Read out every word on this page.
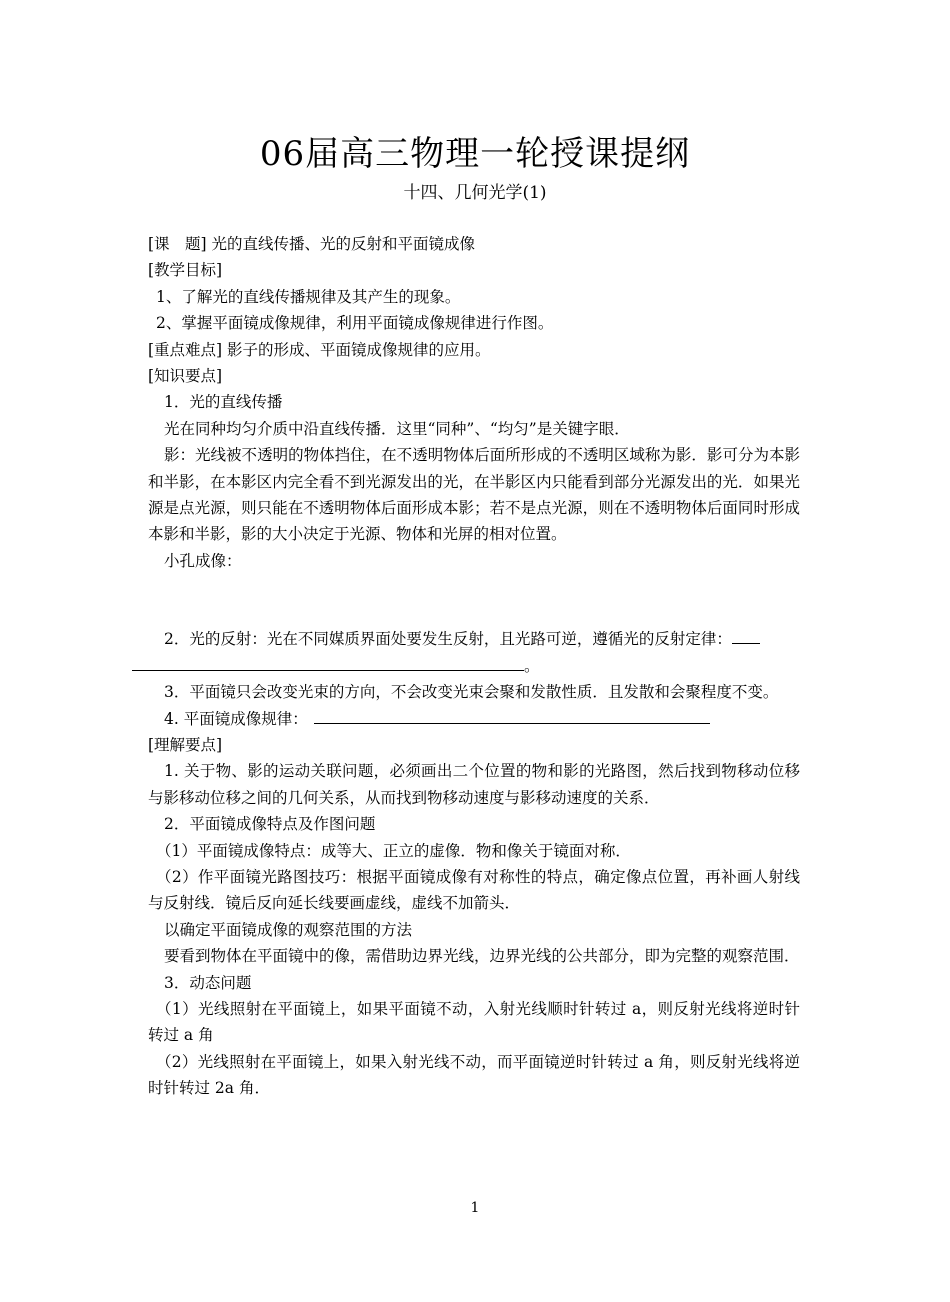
06届高三物理一轮授课提纲
十四、几何光学(1)

[课　题] 光的直线传播、光的反射和平面镜成像

[教学目标]

1、了解光的直线传播规律及其产生的现象。

2、掌握平面镜成像规律，利用平面镜成像规律进行作图。

[重点难点] 影子的形成、平面镜成像规律的应用。

[知识要点]

1．光的直线传播

光在同种均匀介质中沿直线传播．这里“同种”、“均匀”是关键字眼．

影：光线被不透明的物体挡住，在不透明物体后面所形成的不透明区域称为影．影可分为本影和半影，在本影区内完全看不到光源发出的光，在半影区内只能看到部分光源发出的光．如果光源是点光源，则只能在不透明物体后面形成本影；若不是点光源，则在不透明物体后面同时形成本影和半影，影的大小决定于光源、物体和光屏的相对位置。

小孔成像：

2．光的反射：光在不同媒质界面处要发生反射，且光路可逆，遵循光的反射定律：
。

3．平面镜只会改变光束的方向，不会改变光束会聚和发散性质．且发散和会聚程度不变。

4. 平面镜成像规律：

[理解要点]

1. 关于物、影的运动关联问题，必须画出二个位置的物和影的光路图，然后找到物移动位移与影移动位移之间的几何关系，从而找到物移动速度与影移动速度的关系．

2．平面镜成像特点及作图问题

（1）平面镜成像特点：成等大、正立的虚像．物和像关于镜面对称．

（2）作平面镜光路图技巧：根据平面镜成像有对称性的特点，确定像点位置，再补画人射线与反射线．镜后反向延长线要画虚线，虚线不加箭头．

以确定平面镜成像的观察范围的方法

要看到物体在平面镜中的像，需借助边界光线，边界光线的公共部分，即为完整的观察范围．

3．动态问题

（1）光线照射在平面镜上，如果平面镜不动，入射光线顺时针转过 a，则反射光线将逆时针转过 a 角

（2）光线照射在平面镜上，如果入射光线不动，而平面镜逆时针转过 a 角，则反射光线将逆时针转过 2a 角．

1
